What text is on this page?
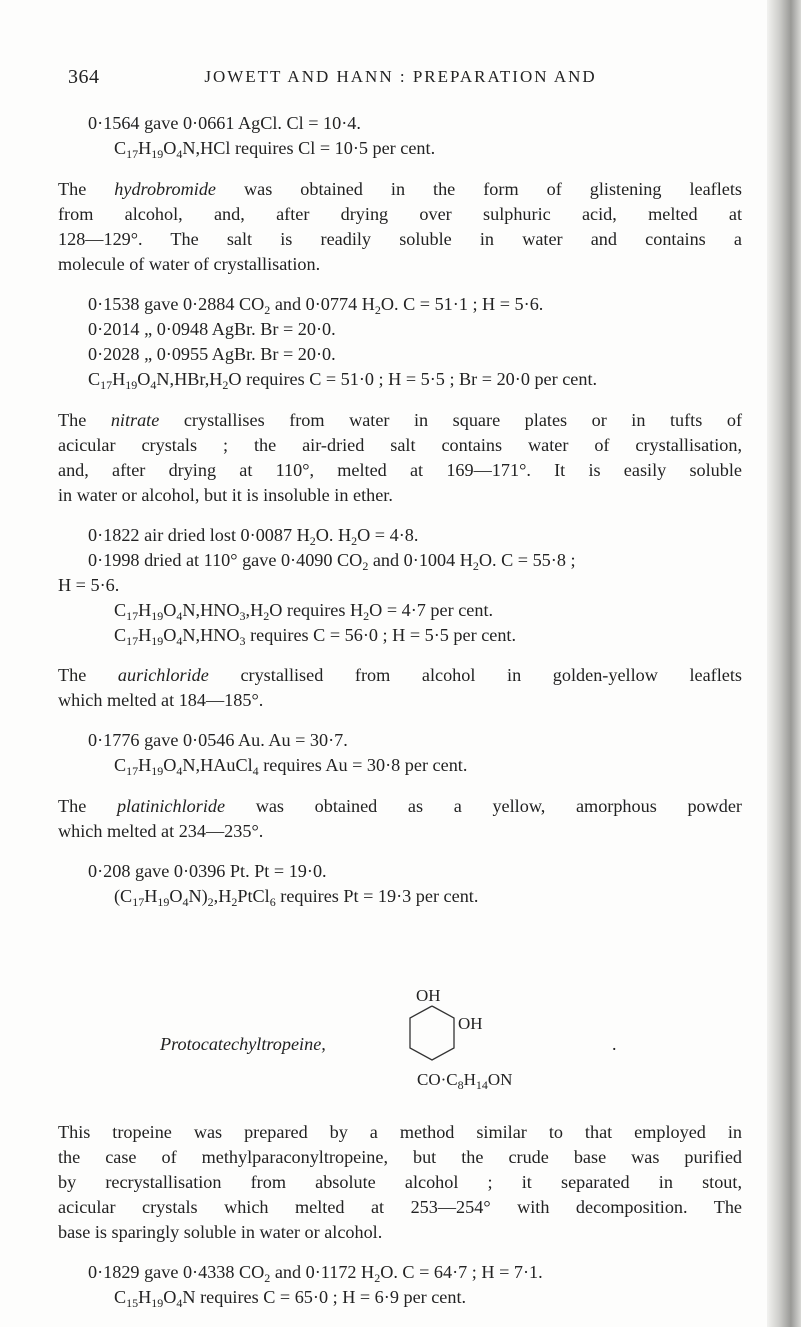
364	JOWETT AND HANN : PREPARATION AND
0·1564 gave 0·0661 AgCl. Cl = 10·4.
$C_{17}H_{19}O_4N,HCl$ requires Cl = 10·5 per cent.
The hydrobromide was obtained in the form of glistening leaflets
from alcohol, and, after drying over sulphuric acid, melted at
128—129°. The salt is readily soluble in water and contains a
molecule of water of crystallisation.
0·1538 gave 0·2884 $CO_2$ and 0·0774 $H_2O$. C = 51·1 ; H = 5·6.
0·2014 „ 0·0948 AgBr. Br = 20·0.
0·2028 „ 0·0955 AgBr. Br = 20·0.
$C_{17}H_{19}O_4N,HBr,H_2O$ requires C = 51·0 ; H = 5·5 ; Br = 20·0 per cent.
The nitrate crystallises from water in square plates or in tufts of
acicular crystals ; the air-dried salt contains water of crystallisation,
and, after drying at 110°, melted at 169—171°. It is easily soluble
in water or alcohol, but it is insoluble in ether.
0·1822 air dried lost 0·0087 $H_2O$. $H_2O = 4\cdot 8$.
0·1998 dried at 110° gave 0·4090 $CO_2$ and 0·1004 $H_2O$. C = 55·8 ;
H = 5·6.
$C_{17}H_{19}O_4N,HNO_3,H_2O$ requires $H_2O = 4\cdot 7$ per cent.
$C_{17}H_{19}O_4N,HNO_3$ requires C = 56·0 ; H = 5·5 per cent.
The aurichloride crystallised from alcohol in golden-yellow leaflets
which melted at 184—185°.
0·1776 gave 0·0546 Au. Au = 30·7.
$C_{17}H_{19}O_4N,HAuCl_4$ requires Au = 30·8 per cent.
The platinichloride was obtained as a yellow, amorphous powder
which melted at 234—235°.
0·208 gave 0·0396 Pt. Pt = 19·0.
$(C_{17}H_{19}O_4N)_2,H_2PtCl_6$ requires Pt = 19·3 per cent.
Protocatechyltropeine,
OH
OH
.
$CO\cdot C_8H_{14}ON$
This tropeine was prepared by a method similar to that employed in
the case of methylparaconyltropeine, but the crude base was purified
by recrystallisation from absolute alcohol ; it separated in stout,
acicular crystals which melted at 253—254° with decomposition. The
base is sparingly soluble in water or alcohol.
0·1829 gave 0·4338 $CO_2$ and 0·1172 $H_2O$. C = 64·7 ; H = 7·1.
$C_{15}H_{19}O_4N$ requires C = 65·0 ; H = 6·9 per cent.
